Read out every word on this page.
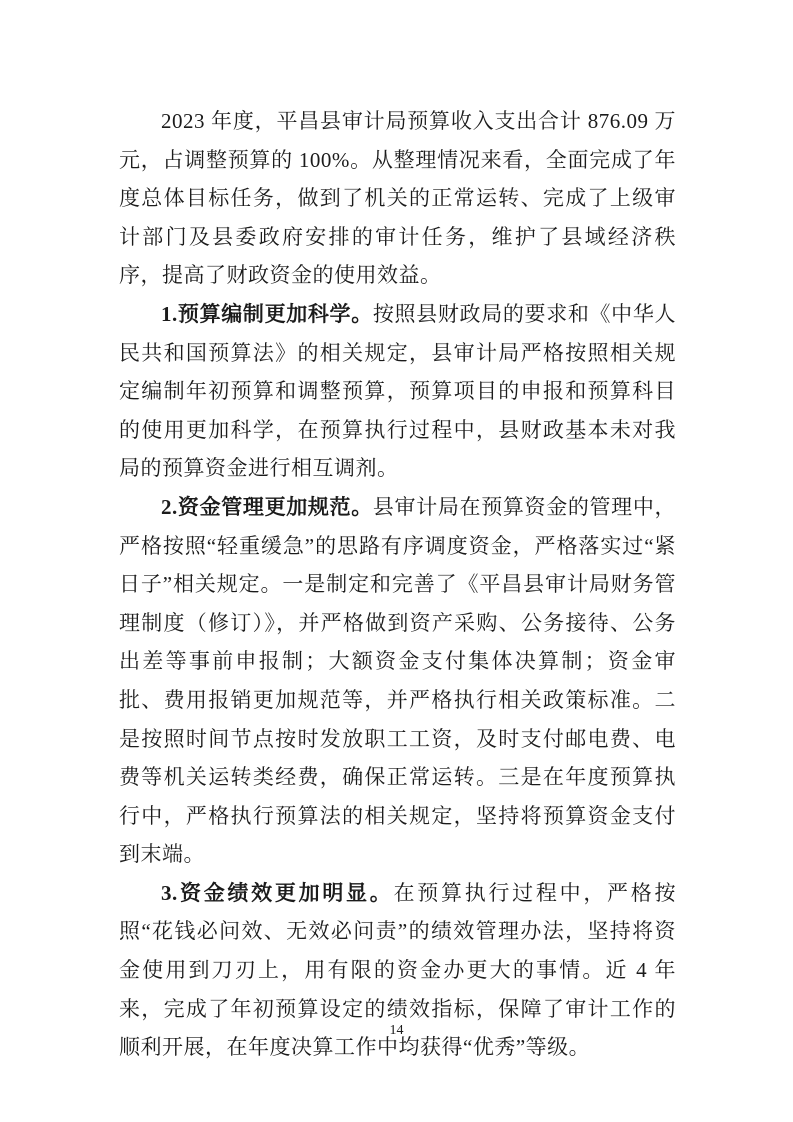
2023 年度，平昌县审计局预算收入支出合计 876.09 万元，占调整预算的 100%。从整理情况来看，全面完成了年度总体目标任务，做到了机关的正常运转、完成了上级审计部门及县委政府安排的审计任务，维护了县域经济秩序，提高了财政资金的使用效益。

1.预算编制更加科学。按照县财政局的要求和《中华人民共和国预算法》的相关规定，县审计局严格按照相关规定编制年初预算和调整预算，预算项目的申报和预算科目的使用更加科学，在预算执行过程中，县财政基本未对我局的预算资金进行相互调剂。

2.资金管理更加规范。县审计局在预算资金的管理中，严格按照“轻重缓急”的思路有序调度资金，严格落实过“紧日子”相关规定。一是制定和完善了《平昌县审计局财务管理制度（修订）》，并严格做到资产采购、公务接待、公务出差等事前申报制；大额资金支付集体决算制；资金审批、费用报销更加规范等，并严格执行相关政策标准。二是按照时间节点按时发放职工工资，及时支付邮电费、电费等机关运转类经费，确保正常运转。三是在年度预算执行中，严格执行预算法的相关规定，坚持将预算资金支付到末端。

3.资金绩效更加明显。在预算执行过程中，严格按照“花钱必问效、无效必问责”的绩效管理办法，坚持将资金使用到刀刃上，用有限的资金办更大的事情。近 4 年来，完成了年初预算设定的绩效指标，保障了审计工作的顺利开展，在年度决算工作中均获得“优秀”等级。

14
